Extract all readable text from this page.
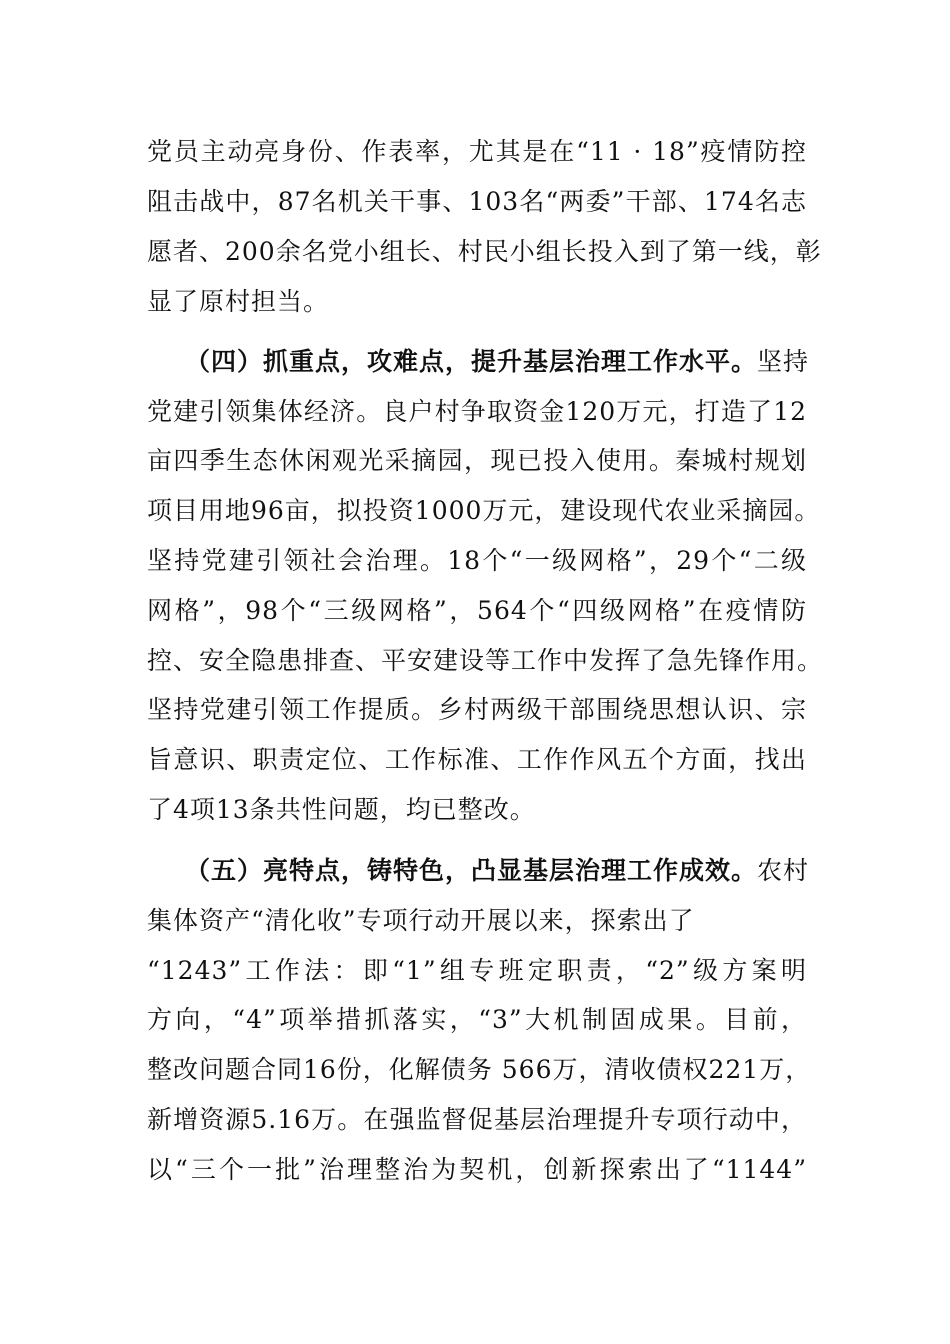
党员主动亮身份、作表率，尤其是在“11 · 18”疫情防控
阻击战中，87名机关干事、103名“两委”干部、174名志
愿者、200余名党小组长、村民小组长投入到了第一线，彰
显了原村担当。
（四）抓重点，攻难点，提升基层治理工作水平。 坚持
党建引领集体经济。良户村争取资金120万元，打造了12
亩四季生态休闲观光采摘园，现已投入使用。秦城村规划
项目用地96亩，拟投资1000万元，建设现代农业采摘园。
坚持党建引领社会治理。18个“一级网格”，29个“二级
网格”，98个“三级网格”，564个“四级网格”在疫情防
控、安全隐患排查、平安建设等工作中发挥了急先锋作用。
坚持党建引领工作提质。乡村两级干部围绕思想认识、宗
旨意识、职责定位、工作标准、工作作风五个方面，找出
了4项13条共性问题，均已整改。
（五）亮特点，铸特色，凸显基层治理工作成效。 农村
集体资产“清化收”专项行动开展以来，探索出了
“1243”工作法：即“1”组专班定职责，“2”级方案明
方向，“4”项举措抓落实，“3”大机制固成果。目前，
整改问题合同16份，化解债务 566万，清收债权221万，
新增资源5.16万。在强监督促基层治理提升专项行动中，
以“三个一批”治理整治为契机，创新探索出了“1144”
